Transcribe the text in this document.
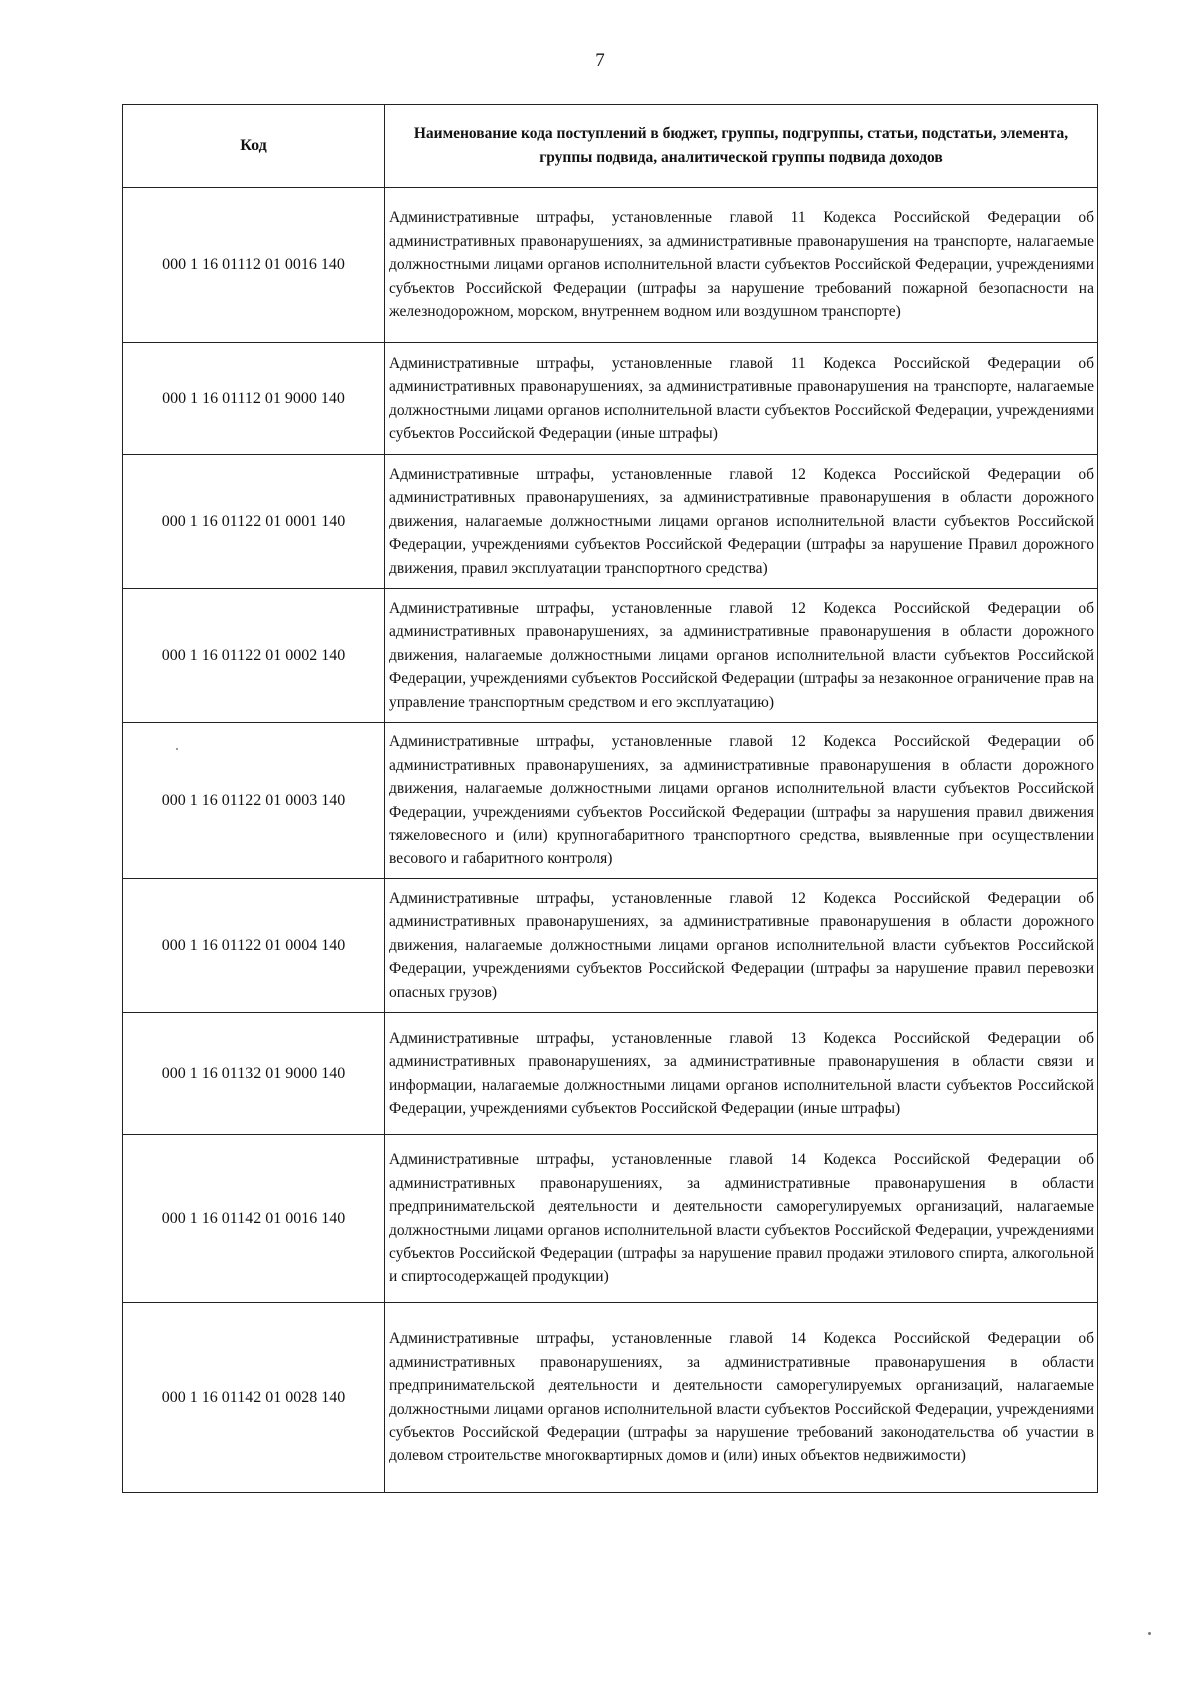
7
Код	Наименование кода поступлений в бюджет, группы, подгруппы, статьи, подстатьи, элемента, группы подвида, аналитической группы подвида доходов
000 1 16 01112 01 0016 140	Административные штрафы, установленные главой 11 Кодекса Российской Федерации об административных правонарушениях, за административные правонарушения на транспорте, налагаемые должностными лицами органов исполнительной власти субъектов Российской Федерации, учреждениями субъектов Российской Федерации (штрафы за нарушение требований пожарной безопасности на железнодорожном, морском, внутреннем водном или воздушном транспорте)
000 1 16 01112 01 9000 140	Административные штрафы, установленные главой 11 Кодекса Российской Федерации об административных правонарушениях, за административные правонарушения на транспорте, налагаемые должностными лицами органов исполнительной власти субъектов Российской Федерации, учреждениями субъектов Российской Федерации (иные штрафы)
000 1 16 01122 01 0001 140	Административные штрафы, установленные главой 12 Кодекса Российской Федерации об административных правонарушениях, за административные правонарушения в области дорожного движения, налагаемые должностными лицами органов исполнительной власти субъектов Российской Федерации, учреждениями субъектов Российской Федерации (штрафы за нарушение Правил дорожного движения, правил эксплуатации транспортного средства)
000 1 16 01122 01 0002 140	Административные штрафы, установленные главой 12 Кодекса Российской Федерации об административных правонарушениях, за административные правонарушения в области дорожного движения, налагаемые должностными лицами органов исполнительной власти субъектов Российской Федерации, учреждениями субъектов Российской Федерации (штрафы за незаконное ограничение прав на управление транспортным средством и его эксплуатацию)
000 1 16 01122 01 0003 140	Административные штрафы, установленные главой 12 Кодекса Российской Федерации об административных правонарушениях, за административные правонарушения в области дорожного движения, налагаемые должностными лицами органов исполнительной власти субъектов Российской Федерации, учреждениями субъектов Российской Федерации (штрафы за нарушения правил движения тяжеловесного и (или) крупногабаритного транспортного средства, выявленные при осуществлении весового и габаритного контроля)
000 1 16 01122 01 0004 140	Административные штрафы, установленные главой 12 Кодекса Российской Федерации об административных правонарушениях, за административные правонарушения в области дорожного движения, налагаемые должностными лицами органов исполнительной власти субъектов Российской Федерации, учреждениями субъектов Российской Федерации (штрафы за нарушение правил перевозки опасных грузов)
000 1 16 01132 01 9000 140	Административные штрафы, установленные главой 13 Кодекса Российской Федерации об административных правонарушениях, за административные правонарушения в области связи и информации, налагаемые должностными лицами органов исполнительной власти субъектов Российской Федерации, учреждениями субъектов Российской Федерации (иные штрафы)
000 1 16 01142 01 0016 140	Административные штрафы, установленные главой 14 Кодекса Российской Федерации об административных правонарушениях, за административные правонарушения в области предпринимательской деятельности и деятельности саморегулируемых организаций, налагаемые должностными лицами органов исполнительной власти субъектов Российской Федерации, учреждениями субъектов Российской Федерации (штрафы за нарушение правил продажи этилового спирта, алкогольной и спиртосодержащей продукции)
000 1 16 01142 01 0028 140	Административные штрафы, установленные главой 14 Кодекса Российской Федерации об административных правонарушениях, за административные правонарушения в области предпринимательской деятельности и деятельности саморегулируемых организаций, налагаемые должностными лицами органов исполнительной власти субъектов Российской Федерации, учреждениями субъектов Российской Федерации (штрафы за нарушение требований законодательства об участии в долевом строительстве многоквартирных домов и (или) иных объектов недвижимости)
